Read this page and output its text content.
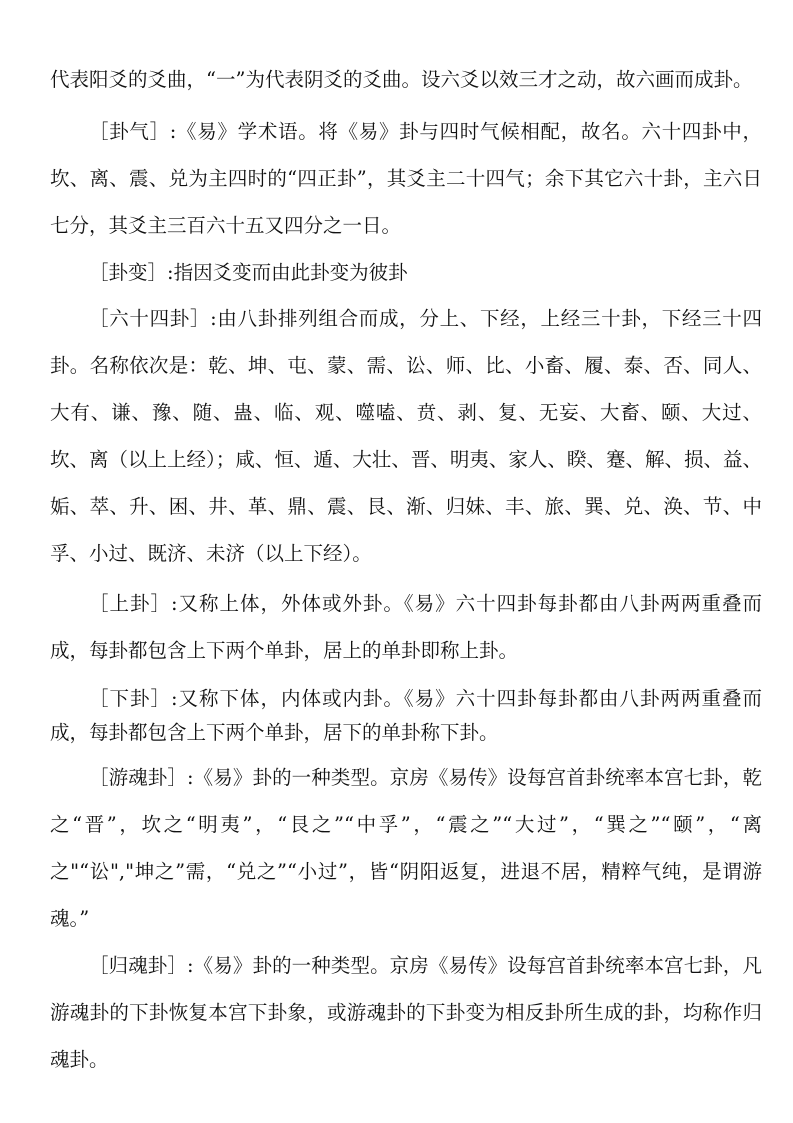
代表阳爻的爻曲，“一”为代表阴爻的爻曲。设六爻以效三才之动，故六画而成卦。

［卦气］:《易》学术语。将《易》卦与四时气候相配，故名。六十四卦中，坎、离、震、兑为主四时的“四正卦”，其爻主二十四气；余下其它六十卦，主六日七分，其爻主三百六十五又四分之一日。

［卦变］:指因爻变而由此卦变为彼卦

［六十四卦］:由八卦排列组合而成，分上、下经，上经三十卦，下经三十四卦。名称依次是：乾、坤、屯、蒙、需、讼、师、比、小畜、履、泰、否、同人、大有、谦、豫、随、蛊、临、观、噬嗑、贲、剥、复、无妄、大畜、颐、大过、坎、离（以上上经）；咸、恒、遁、大壮、晋、明夷、家人、睽、蹇、解、损、益、姤、萃、升、困、井、革、鼎、震、艮、渐、归妹、丰、旅、巽、兑、涣、节、中孚、小过、既济、未济（以上下经）。

［上卦］:又称上体，外体或外卦。《易》六十四卦每卦都由八卦两两重叠而成，每卦都包含上下两个单卦，居上的单卦即称上卦。

［下卦］:又称下体，内体或内卦。《易》六十四卦每卦都由八卦两两重叠而成，每卦都包含上下两个单卦，居下的单卦称下卦。

［游魂卦］:《易》卦的一种类型。京房《易传》设每宫首卦统率本宫七卦，乾之“晋”，坎之“明夷”，“艮之”“中孚”，“震之”“大过”，“巽之”“颐”，“离之"“讼","坤之”需，“兑之”“小过”，皆“阴阳返复，进退不居，精粹气纯，是谓游魂。”

［归魂卦］:《易》卦的一种类型。京房《易传》设每宫首卦统率本宫七卦，凡游魂卦的下卦恢复本宫下卦象，或游魂卦的下卦变为相反卦所生成的卦，均称作归魂卦。
